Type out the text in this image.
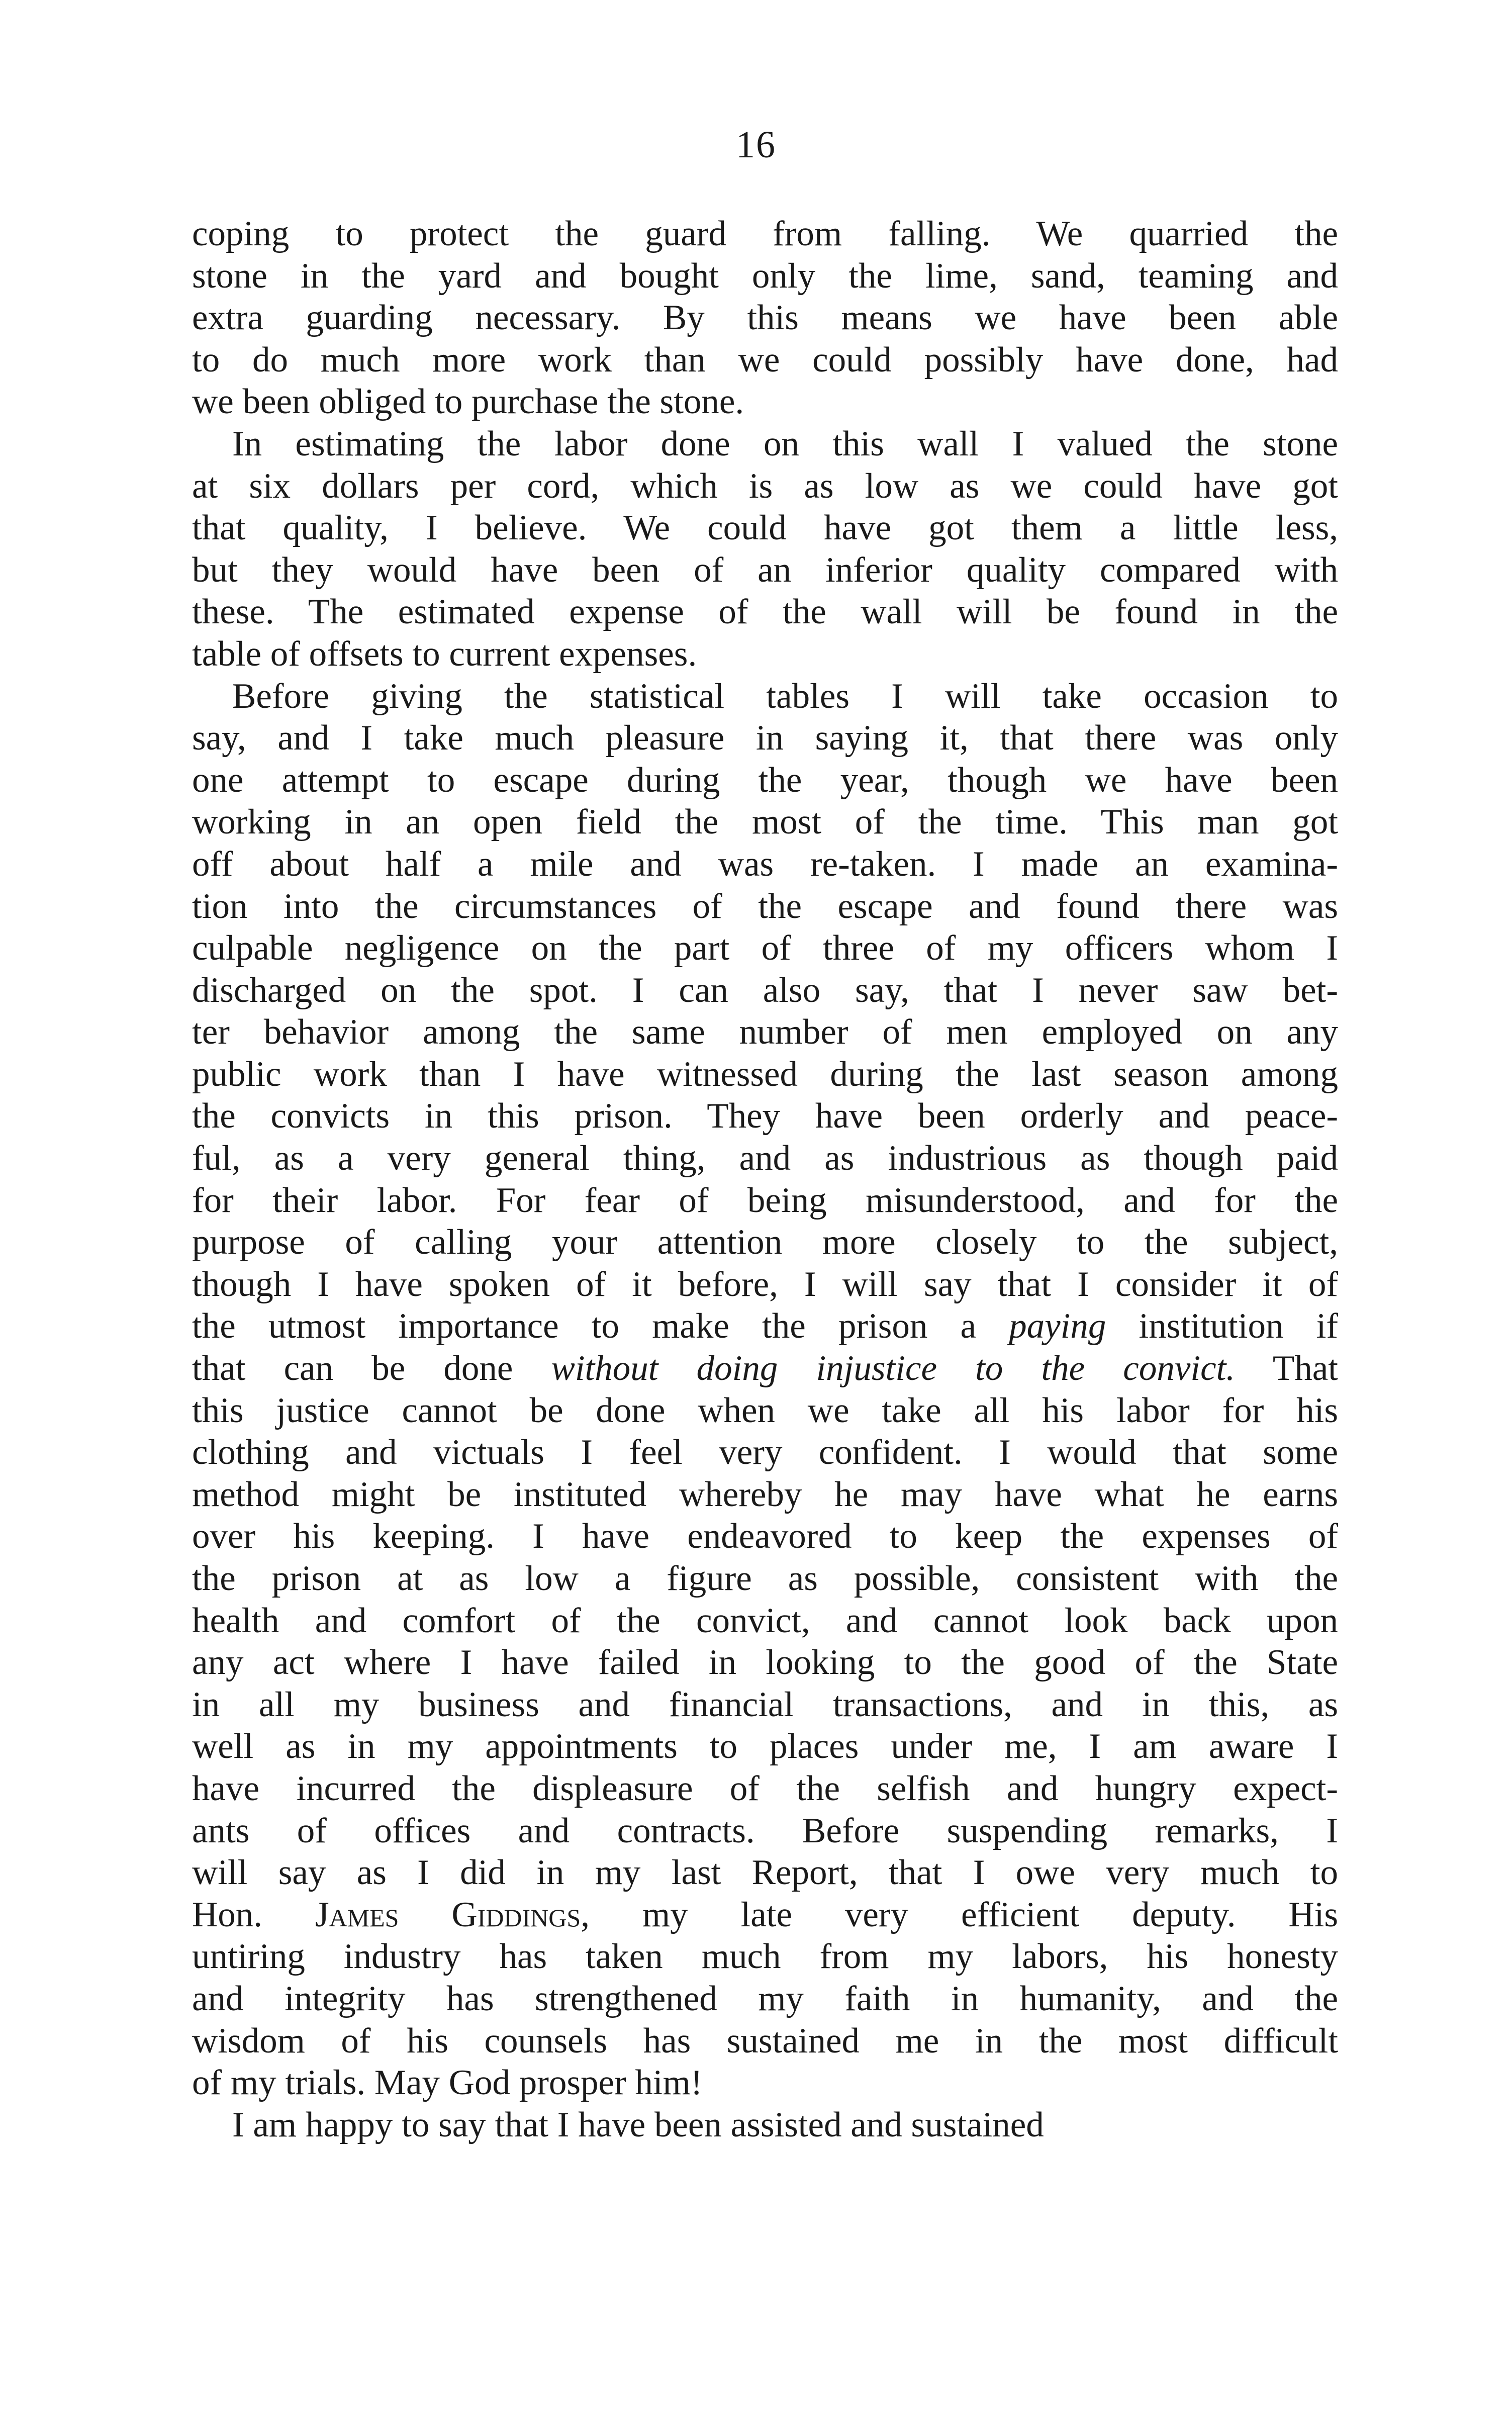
16
coping to protect the guard from falling. We quarried the
stone in the yard and bought only the lime, sand, teaming and
extra guarding necessary. By this means we have been able
to do much more work than we could possibly have done, had
we been obliged to purchase the stone.
In estimating the labor done on this wall I valued the stone
at six dollars per cord, which is as low as we could have got
that quality, I believe. We could have got them a little less,
but they would have been of an inferior quality compared with
these. The estimated expense of the wall will be found in the
table of offsets to current expenses.
Before giving the statistical tables I will take occasion to
say, and I take much pleasure in saying it, that there was only
one attempt to escape during the year, though we have been
working in an open field the most of the time. This man got
off about half a mile and was re-taken. I made an examina-
tion into the circumstances of the escape and found there was
culpable negligence on the part of three of my officers whom I
discharged on the spot. I can also say, that I never saw bet-
ter behavior among the same number of men employed on any
public work than I have witnessed during the last season among
the convicts in this prison. They have been orderly and peace-
ful, as a very general thing, and as industrious as though paid
for their labor. For fear of being misunderstood, and for the
purpose of calling your attention more closely to the subject,
though I have spoken of it before, I will say that I consider it of
the utmost importance to make the prison a paying institution if
that can be done without doing injustice to the convict. That
this justice cannot be done when we take all his labor for his
clothing and victuals I feel very confident. I would that some
method might be instituted whereby he may have what he earns
over his keeping. I have endeavored to keep the expenses of
the prison at as low a figure as possible, consistent with the
health and comfort of the convict, and cannot look back upon
any act where I have failed in looking to the good of the State
in all my business and financial transactions, and in this, as
well as in my appointments to places under me, I am aware I
have incurred the displeasure of the selfish and hungry expect-
ants of offices and contracts. Before suspending remarks, I
will say as I did in my last Report, that I owe very much to
Hon. James Giddings, my late very efficient deputy. His
untiring industry has taken much from my labors, his honesty
and integrity has strengthened my faith in humanity, and the
wisdom of his counsels has sustained me in the most difficult
of my trials. May God prosper him!
I am happy to say that I have been assisted and sustained
